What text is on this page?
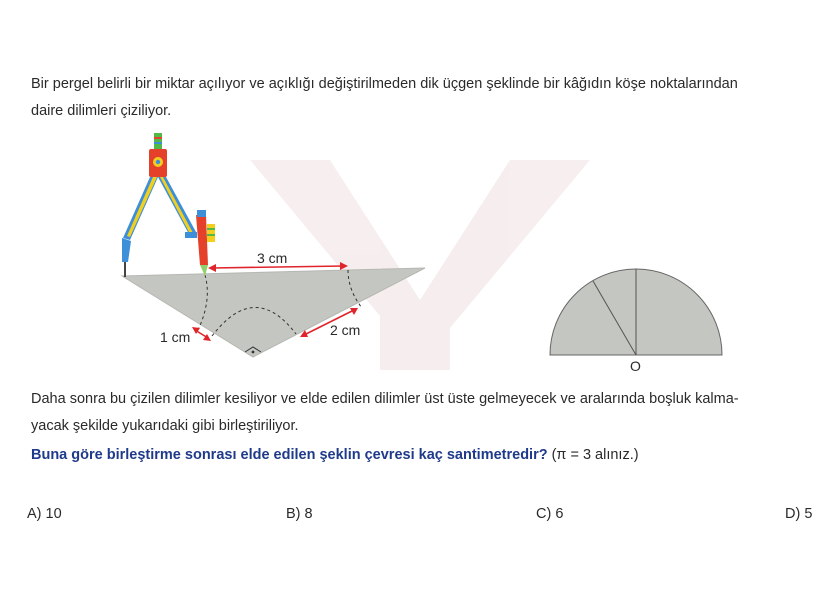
Bir pergel belirli bir miktar açılıyor ve açıklığı değiştirilmeden dik üçgen şeklinde bir kâğıdın köşe noktalarından
daire dilimleri çiziliyor.
3 cm
1 cm	2 cm
O
Daha sonra bu çizilen dilimler kesiliyor ve elde edilen dilimler üst üste gelmeyecek ve aralarında boşluk kalma-
yacak şekilde yukarıdaki gibi birleştiriliyor.
Buna göre birleştirme sonrası elde edilen şeklin çevresi kaç santimetredir? (π = 3 alınız.)
A) 10	B) 8	C) 6	D) 5
